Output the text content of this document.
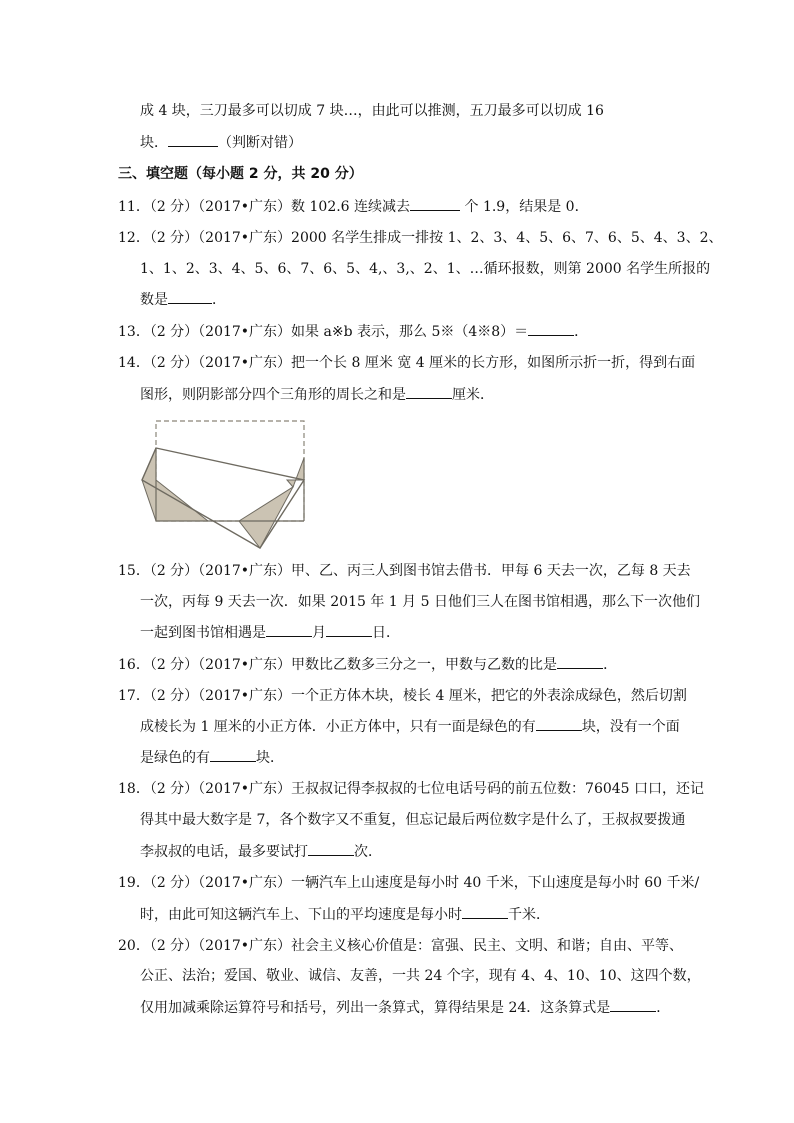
成 4 块，三刀最多可以切成 7 块…，由此可以推测，五刀最多可以切成 16
块．	（判断对错）
三、填空题（每小题 2 分，共 20 分）
11．（2 分）（2017•广东）数 102.6 连续减去	个 1.9，结果是 0．
12．（2 分）（2017•广东）2000 名学生排成一排按 1、2、3、4、5、6、7、6、5、4、3、2、
1、1、2、3、4、5、6、7、6、5、4,、3,、2、1、…循环报数，则第 2000 名学生所报的
数是	．
13．（2 分）（2017•广东）如果 a※b 表示，那么 5※（4※8）＝	．
14．（2 分）（2017•广东）把一个长 8 厘米 宽 4 厘米的长方形，如图所示折一折，得到右面
图形，则阴影部分四个三角形的周长之和是	厘米．
15．（2 分）（2017•广东）甲、乙、丙三人到图书馆去借书．甲每 6 天去一次，乙每 8 天去
一次，丙每 9 天去一次．如果 2015 年 1 月 5 日他们三人在图书馆相遇，那么下一次他们
一起到图书馆相遇是	月	日．
16．（2 分）（2017•广东）甲数比乙数多三分之一，甲数与乙数的比是	．
17．（2 分）（2017•广东）一个正方体木块，棱长 4 厘米，把它的外表涂成绿色，然后切割
成棱长为 1 厘米的小正方体．小正方体中，只有一面是绿色的有	块，没有一个面
是绿色的有	块．
18．（2 分）（2017•广东）王叔叔记得李叔叔的七位电话号码的前五位数：76045 口口，还记
得其中最大数字是 7，各个数字又不重复，但忘记最后两位数字是什么了，王叔叔要拨通
李叔叔的电话，最多要试打	次．
19．（2 分）（2017•广东）一辆汽车上山速度是每小时 40 千米，下山速度是每小时 60 千米/
时，由此可知这辆汽车上、下山的平均速度是每小时	千米．
20．（2 分）（2017•广东）社会主义核心价值是：富强、民主、文明、和谐；自由、平等、
公正、法治；爱国、敬业、诚信、友善，一共 24 个字，现有 4、4、10、10、这四个数，
仅用加减乘除运算符号和括号，列出一条算式，算得结果是 24．这条算式是	．
